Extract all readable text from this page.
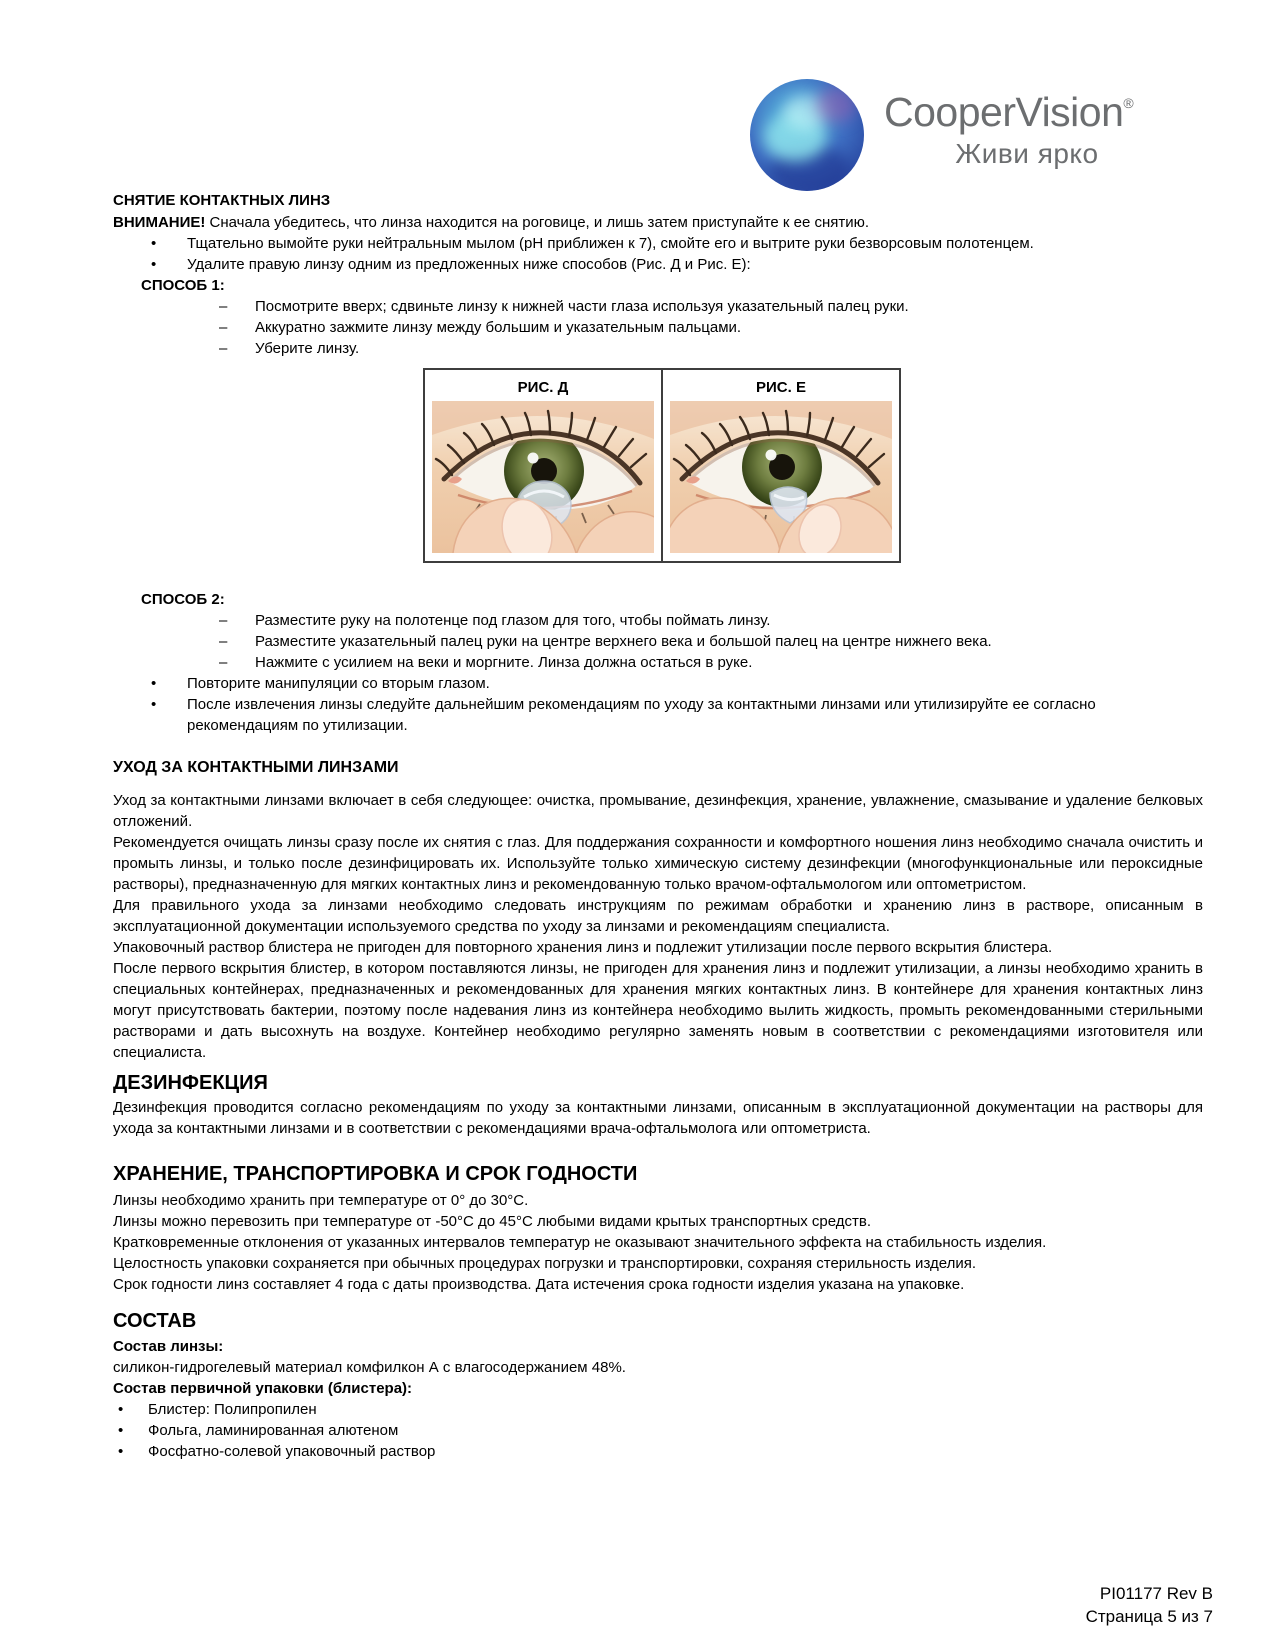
CooperVision®
Живи ярко

СНЯТИЕ КОНТАКТНЫХ ЛИНЗ

ВНИМАНИЕ! Сначала убедитесь, что линза находится на роговице, и лишь затем приступайте к ее снятию.

• Тщательно вымойте руки нейтральным мылом (pH приближен к 7), смойте его и вытрите руки безворсовым полотенцем.
• Удалите правую линзу одним из предложенных ниже способов (Рис. Д и Рис. Е):

СПОСОБ 1:

– Посмотрите вверх; сдвиньте линзу к нижней части глаза используя указательный палец руки.
– Аккуратно зажмите линзу между большим и указательным пальцами.
– Уберите линзу.
РИС. Д	РИС. Е

СПОСОБ 2:

– Разместите руку на полотенце под глазом для того, чтобы поймать линзу.
– Разместите указательный палец руки на центре верхнего века и большой палец на центре нижнего века.
– Нажмите с усилием на веки и моргните. Линза должна остаться в руке.
• Повторите манипуляции со вторым глазом.
• После извлечения линзы следуйте дальнейшим рекомендациям по уходу за контактными линзами или утилизируйте ее согласно рекомендациям по утилизации.

УХОД ЗА КОНТАКТНЫМИ ЛИНЗАМИ

Уход за контактными линзами включает в себя следующее: очистка, промывание, дезинфекция, хранение, увлажнение, смазывание и удаление белковых отложений.

Рекомендуется очищать линзы сразу после их снятия с глаз. Для поддержания сохранности и комфортного ношения линз необходимо сначала очистить и промыть линзы, и только после дезинфицировать их. Используйте только химическую систему дезинфекции (многофункциональные или пероксидные растворы), предназначенную для мягких контактных линз и рекомендованную только врачом-офтальмологом или оптометристом.

Для правильного ухода за линзами необходимо следовать инструкциям по режимам обработки и хранению линз в растворе, описанным в эксплуатационной документации используемого средства по уходу за линзами и рекомендациям специалиста.

Упаковочный раствор блистера не пригоден для повторного хранения линз и подлежит утилизации после первого вскрытия блистера.

После первого вскрытия блистер, в котором поставляются линзы, не пригоден для хранения линз и подлежит утилизации, а линзы необходимо хранить в специальных контейнерах, предназначенных и рекомендованных для хранения мягких контактных линз. В контейнере для хранения контактных линз могут присутствовать бактерии, поэтому после надевания линз из контейнера необходимо вылить жидкость, промыть рекомендованными стерильными растворами и дать высохнуть на воздухе. Контейнер необходимо регулярно заменять новым в соответствии с рекомендациями изготовителя или специалиста.

ДЕЗИНФЕКЦИЯ

Дезинфекция проводится согласно рекомендациям по уходу за контактными линзами, описанным в эксплуатационной документации на растворы для ухода за контактными линзами и в соответствии с рекомендациями врача-офтальмолога или оптометриста.

ХРАНЕНИЕ, ТРАНСПОРТИРОВКА И СРОК ГОДНОСТИ

Линзы необходимо хранить при температуре от 0° до 30°С.

Линзы можно перевозить при температуре от -50°С до 45°С любыми видами крытых транспортных средств.

Кратковременные отклонения от указанных интервалов температур не оказывают значительного эффекта на стабильность изделия.

Целостность упаковки сохраняется при обычных процедурах погрузки и транспортировки, сохраняя стерильность изделия.

Срок годности линз составляет 4 года с даты производства. Дата истечения срока годности изделия указана на упаковке.

СОСТАВ

Состав линзы:

силикон-гидрогелевый материал комфилкон А с влагосодержанием 48%.

Состав первичной упаковки (блистера):

• Блистер: Полипропилен
• Фольга, ламинированная алютеном
• Фосфатно-солевой упаковочный раствор
PI01177 Rev B
Страница 5 из 7
